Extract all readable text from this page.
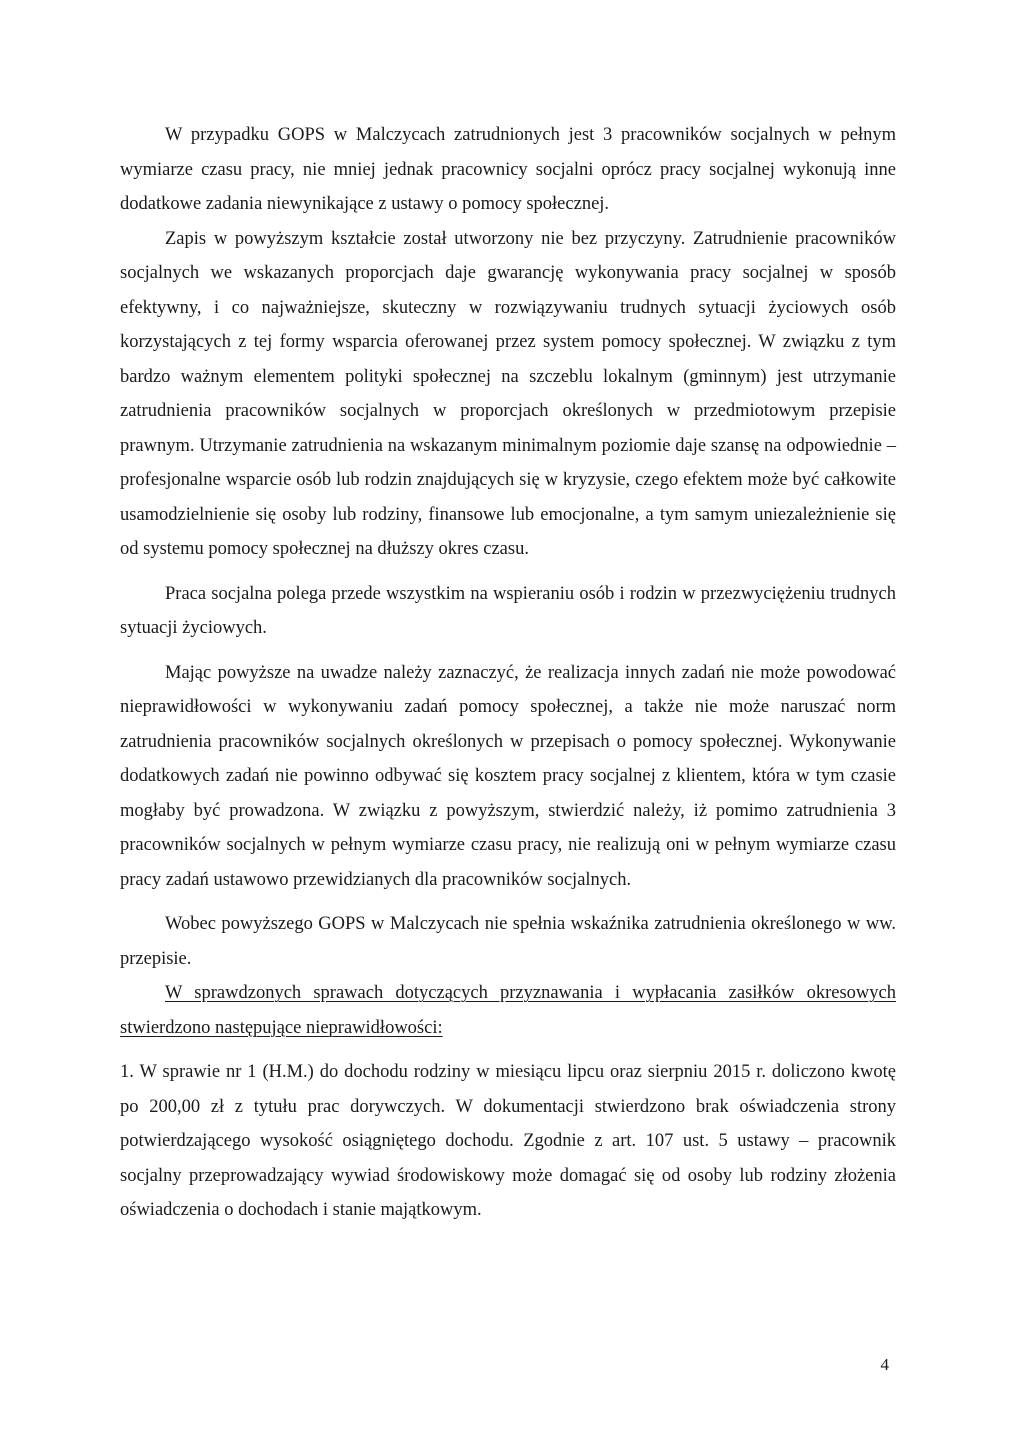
W przypadku GOPS w Malczycach zatrudnionych jest 3 pracowników socjalnych w pełnym wymiarze czasu pracy, nie mniej jednak pracownicy socjalni oprócz pracy socjalnej wykonują inne dodatkowe zadania niewynikające z ustawy o pomocy społecznej.

Zapis w powyższym kształcie został utworzony nie bez przyczyny. Zatrudnienie pracowników socjalnych we wskazanych proporcjach daje gwarancję wykonywania pracy socjalnej w sposób efektywny, i co najważniejsze, skuteczny w rozwiązywaniu trudnych sytuacji życiowych osób korzystających z tej formy wsparcia oferowanej przez system pomocy społecznej. W związku z tym bardzo ważnym elementem polityki społecznej na szczeblu lokalnym (gminnym) jest utrzymanie zatrudnienia pracowników socjalnych w proporcjach określonych w przedmiotowym przepisie prawnym. Utrzymanie zatrudnienia na wskazanym minimalnym poziomie daje szansę na odpowiednie – profesjonalne wsparcie osób lub rodzin znajdujących się w kryzysie, czego efektem może być całkowite usamodzielnienie się osoby lub rodziny, finansowe lub emocjonalne, a tym samym uniezależnienie się od systemu pomocy społecznej na dłuższy okres czasu.

Praca socjalna polega przede wszystkim na wspieraniu osób i rodzin w przezwyciężeniu trudnych sytuacji życiowych.

Mając powyższe na uwadze należy zaznaczyć, że realizacja innych zadań nie może powodować nieprawidłowości w wykonywaniu zadań pomocy społecznej, a także nie może naruszać norm zatrudnienia pracowników socjalnych określonych w przepisach o pomocy społecznej. Wykonywanie dodatkowych zadań nie powinno odbywać się kosztem pracy socjalnej z klientem, która w tym czasie mogłaby być prowadzona. W związku z powyższym, stwierdzić należy, iż pomimo zatrudnienia 3 pracowników socjalnych w pełnym wymiarze czasu pracy, nie realizują oni w pełnym wymiarze czasu pracy zadań ustawowo przewidzianych dla pracowników socjalnych.

Wobec powyższego GOPS w Malczycach nie spełnia wskaźnika zatrudnienia określonego w ww. przepisie.

W sprawdzonych sprawach dotyczących przyznawania i wypłacania zasiłków okresowych stwierdzono następujące nieprawidłowości:

1. W sprawie nr 1 (H.M.) do dochodu rodziny w miesiącu lipcu oraz sierpniu 2015 r. doliczono kwotę po 200,00 zł z tytułu prac dorywczych. W dokumentacji stwierdzono brak oświadczenia strony potwierdzającego wysokość osiągniętego dochodu. Zgodnie z art. 107 ust. 5 ustawy – pracownik socjalny przeprowadzający wywiad środowiskowy może domagać się od osoby lub rodziny złożenia oświadczenia o dochodach i stanie majątkowym.

4
